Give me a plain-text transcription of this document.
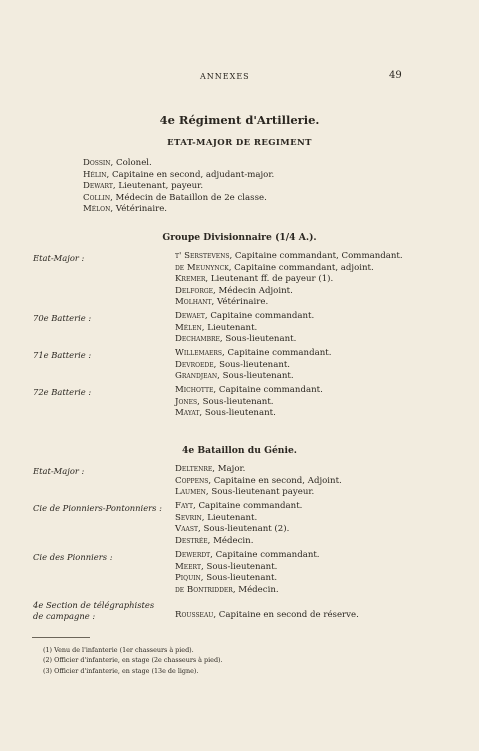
ANNEXES	49
4e Régiment d'Artillerie.
ETAT-MAJOR DE REGIMENT
Dossin, Colonel.
Hélin, Capitaine en second, adjudant-major.
Dewart, Lieutenant, payeur.
Collin, Médecin de Bataillon de 2e classe.
Mélon, Vétérinaire.
Groupe Divisionnaire (1/4 A.).
Etat-Major :	t' Serstevens, Capitaine commandant, Commandant.
de Meunynck, Capitaine commandant, adjoint.
Kremer, Lieutenant ff. de payeur (1).
Delforge, Médecin Adjoint.
Molhant, Vétérinaire.
70e Batterie :	Dewaet, Capitaine commandant.
Mélen, Lieutenant.
Dechambre, Sous-lieutenant.
71e Batterie :	Willemaers, Capitaine commandant.
Devroede, Sous-lieutenant.
Grandjean, Sous-lieutenant.
72e Batterie :	Michotte, Capitaine commandant.
Jones, Sous-lieutenant.
Mayat, Sous-lieutenant.
4e Bataillon du Génie.
Etat-Major :	Deltenre, Major.
Coppens, Capitaine en second, Adjoint.
Laumen, Sous-lieutenant payeur.
Cie de Pionniers-Pontonniers : Fayt, Capitaine commandant.
Sevrin, Lieutenant.
Vaast, Sous-lieutenant (2).
Destrée, Médecin.
Cie des Pionniers :	Dewerdt, Capitaine commandant.
Meert, Sous-lieutenant.
Piquin, Sous-lieutenant.
de Bontridder, Médecin.
4e Section de télégraphistes de campagne :	Rousseau, Capitaine en second de réserve.
(1) Venu de l'infanterie (1er chasseurs à pied).
(2) Officier d'infanterie, en stage (2e chasseurs à pied).
(3) Officier d'infanterie, en stage (13e de ligne).
